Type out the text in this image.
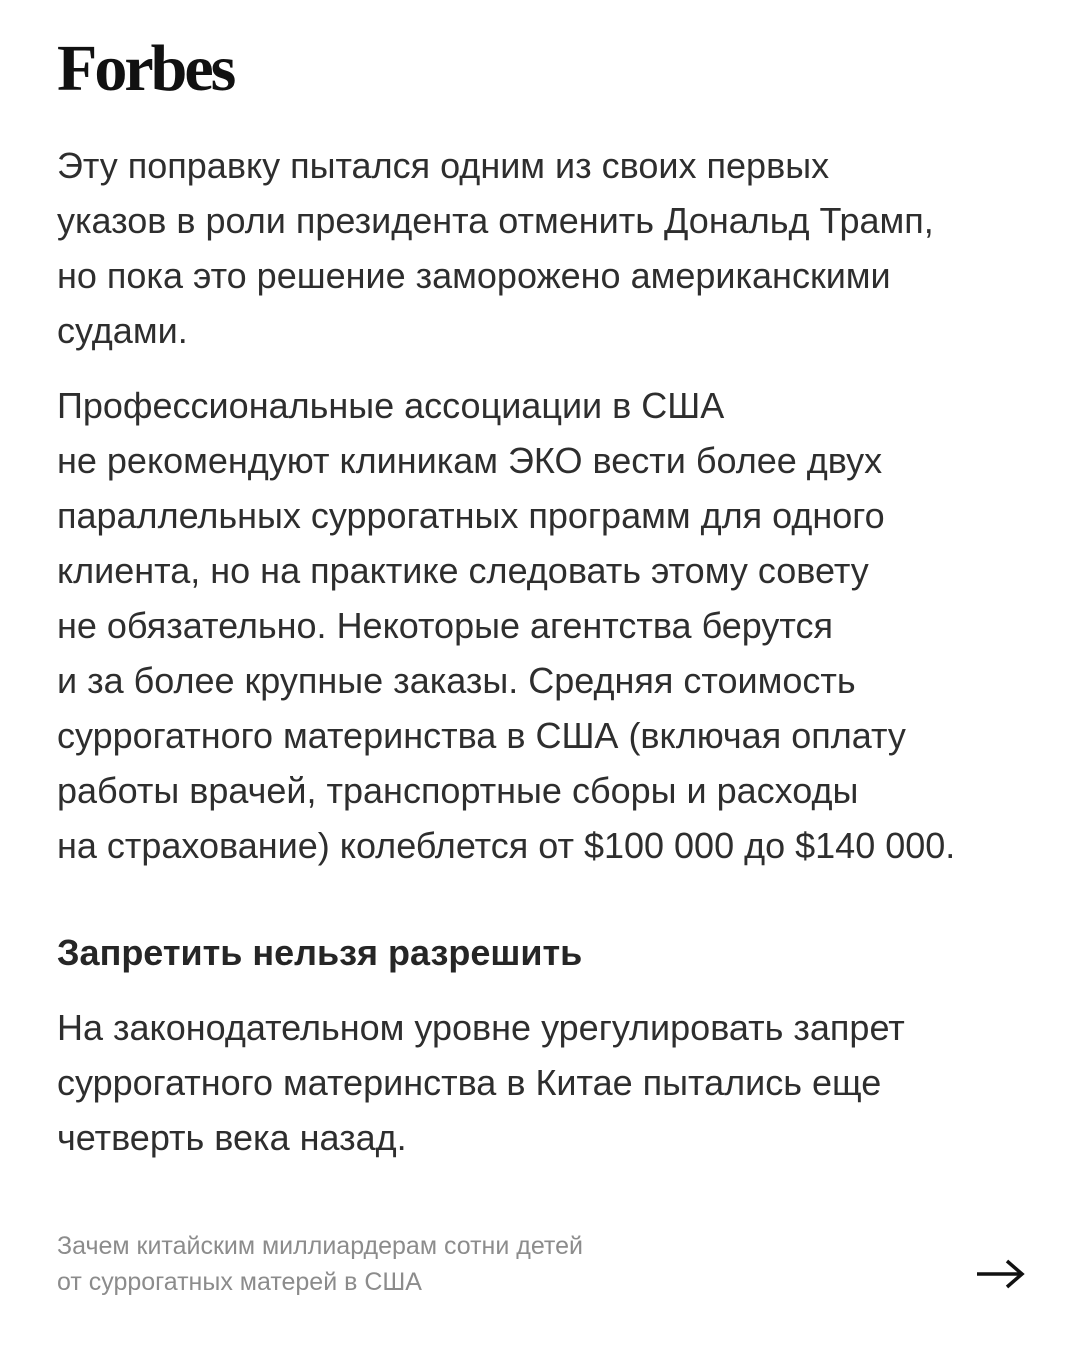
Forbes

Эту поправку пытался одним из своих первых
указов в роли президента отменить Дональд Трамп,
но пока это решение заморожено американскими
судами.

Профессиональные ассоциации в США
не рекомендуют клиникам ЭКО вести более двух
параллельных суррогатных программ для одного
клиента, но на практике следовать этому совету
не обязательно. Некоторые агентства берутся
и за более крупные заказы. Средняя стоимость
суррогатного материнства в США (включая оплату
работы врачей, транспортные сборы и расходы
на страхование) колеблется от $100 000 до $140 000.

Запретить нельзя разрешить

На законодательном уровне урегулировать запрет
суррогатного материнства в Китае пытались еще
четверть века назад.

Зачем китайским миллиардерам сотни детей
от суррогатных матерей в США
